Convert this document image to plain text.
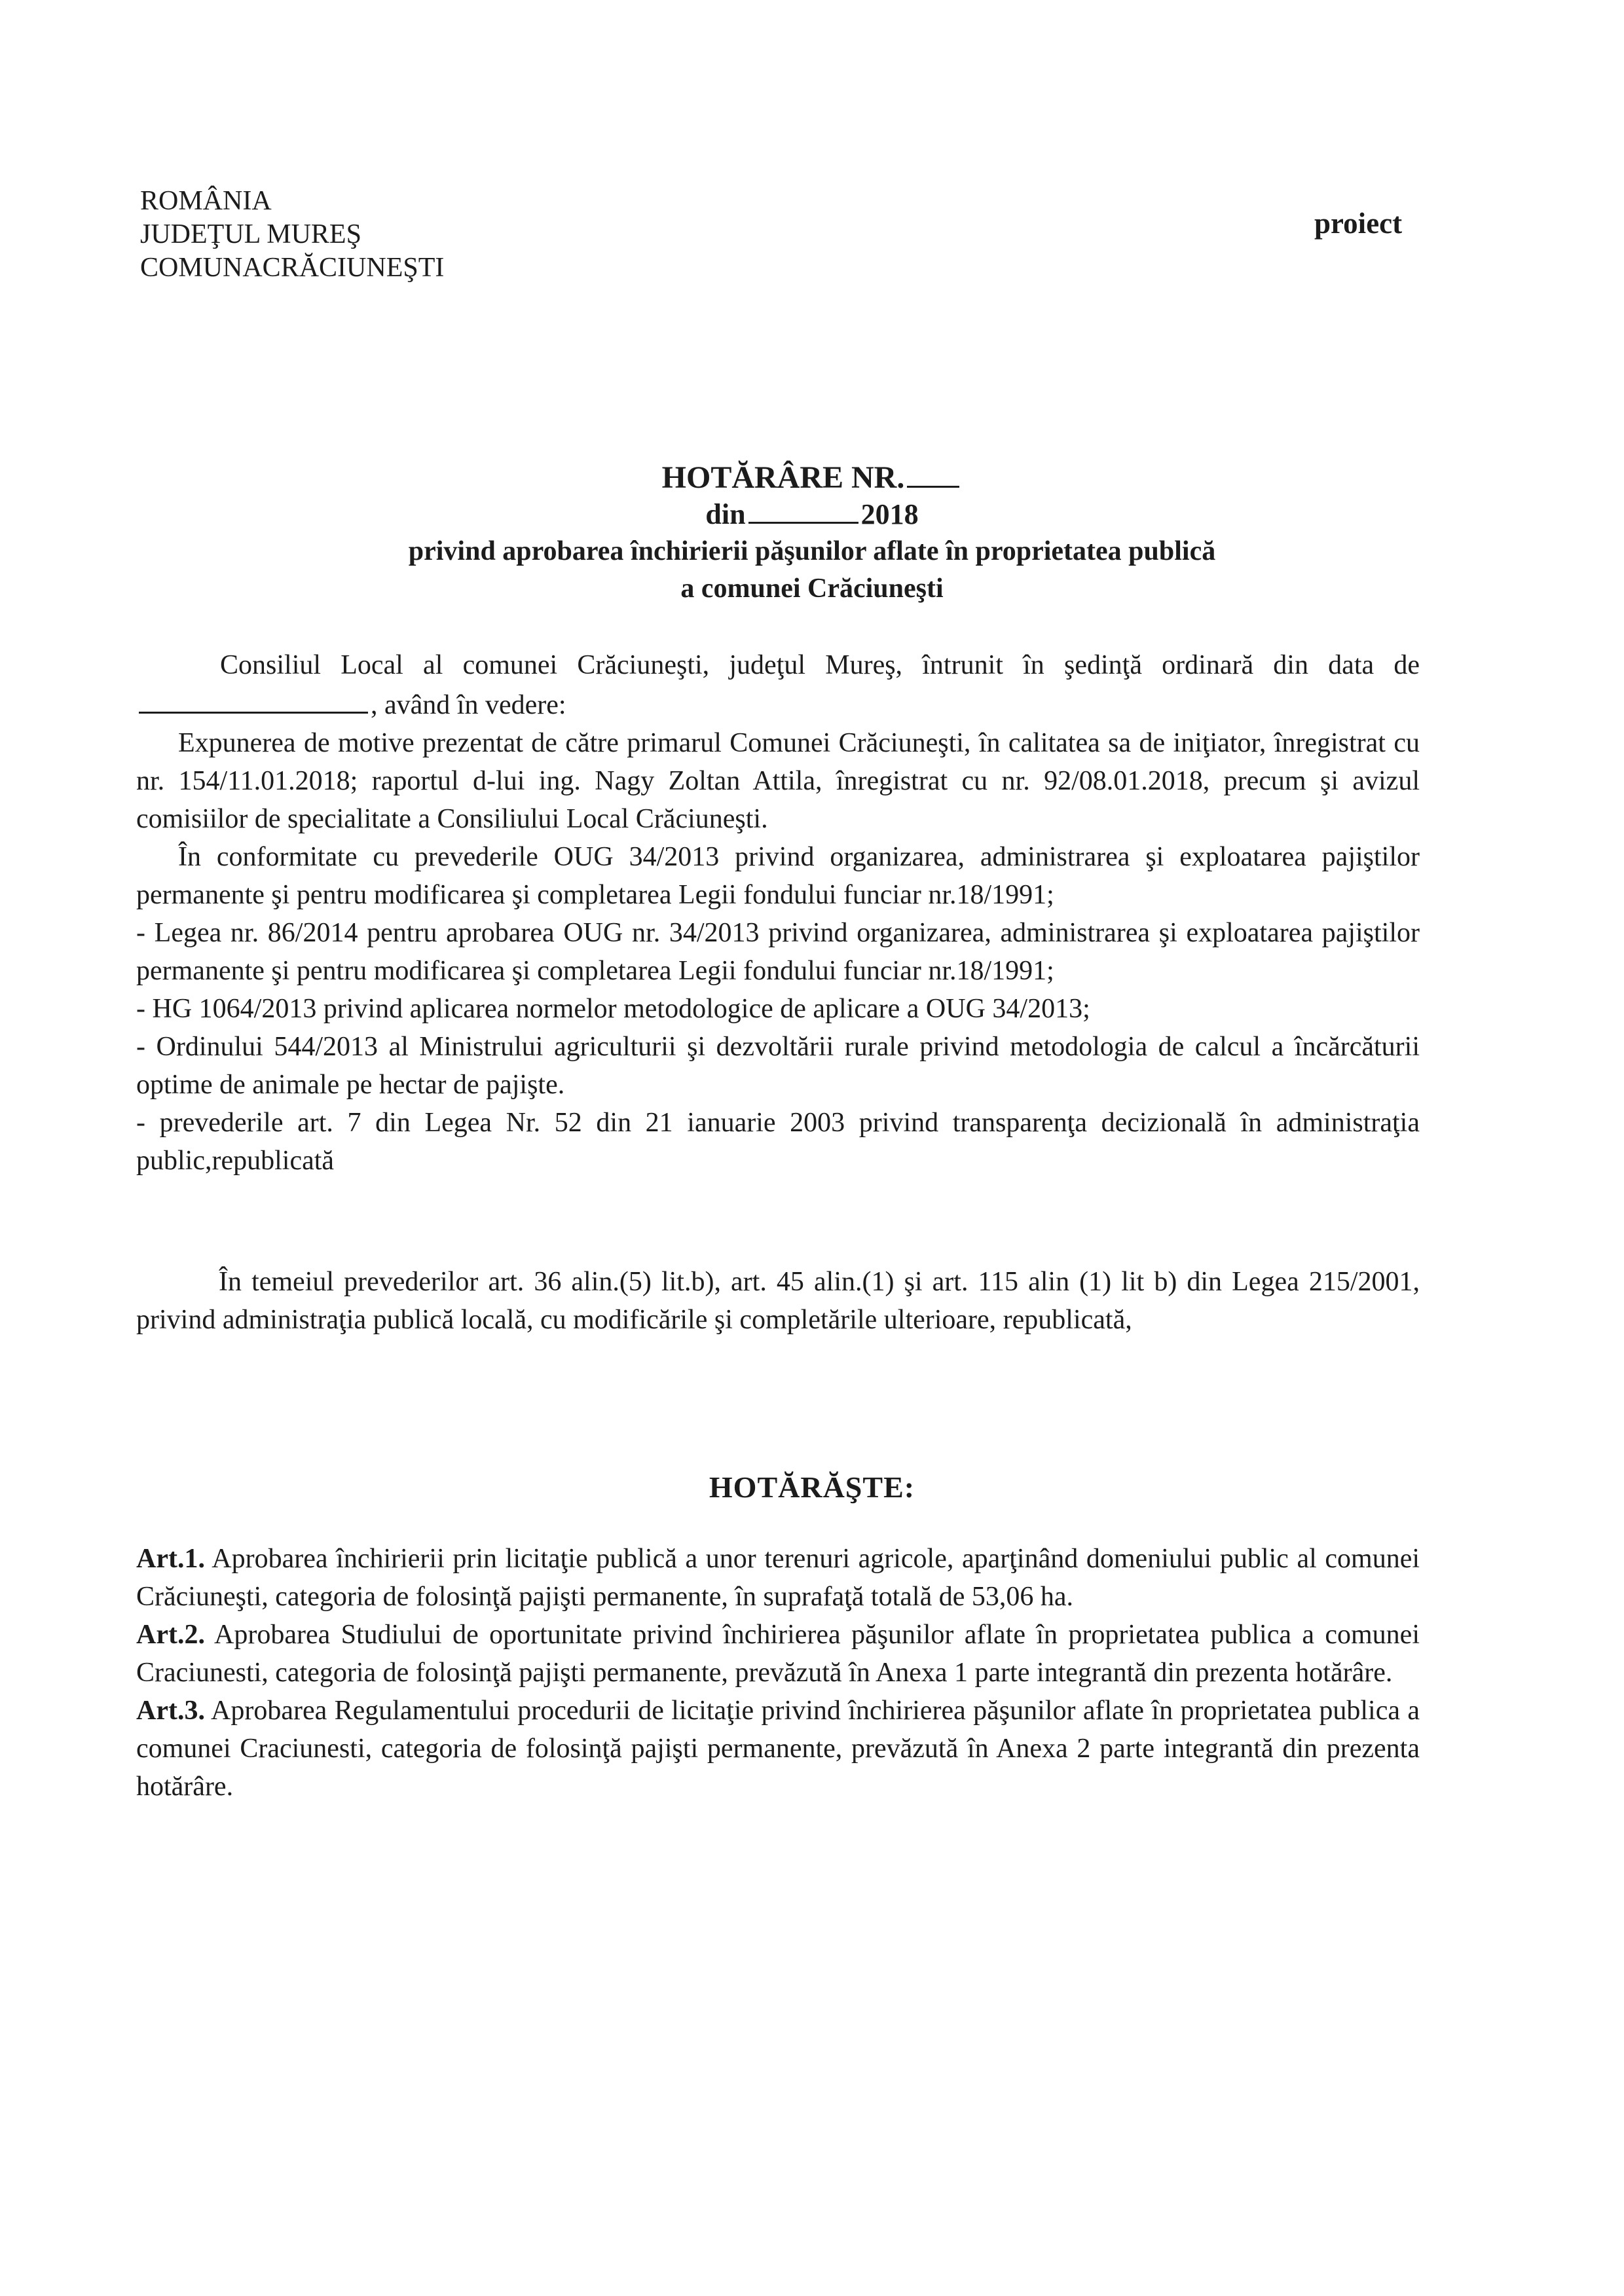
ROMÂNIA
JUDEŢUL MUREŞ
COMUNACRĂCIUNEŞTI
proiect
HOTĂRÂRE NR.
din	2018
privind aprobarea închirierii păşunilor aflate în proprietatea publică
a comunei Crăciuneşti

Consiliul Local al comunei Crăciuneşti, judeţul Mureş, întrunit în şedinţă ordinară din data de , având în vedere:

Expunerea de motive prezentat de către primarul Comunei Crăciuneşti, în calitatea sa de iniţiator, înregistrat cu nr. 154/11.01.2018; raportul d-lui ing. Nagy Zoltan Attila, înregistrat cu nr. 92/08.01.2018, precum şi avizul comisiilor de specialitate a Consiliului Local Crăciuneşti.

În conformitate cu prevederile OUG 34/2013 privind organizarea, administrarea şi exploatarea pajiştilor permanente şi pentru modificarea şi completarea Legii fondului funciar nr.18/1991;

- Legea nr. 86/2014 pentru aprobarea OUG nr. 34/2013 privind organizarea, administrarea şi exploatarea pajiştilor permanente şi pentru modificarea şi completarea Legii fondului funciar nr.18/1991;

- HG 1064/2013 privind aplicarea normelor metodologice de aplicare a OUG 34/2013;

- Ordinului 544/2013 al Ministrului agriculturii şi dezvoltării rurale privind metodologia de calcul a încărcăturii optime de animale pe hectar de pajişte.

- prevederile art. 7 din Legea Nr. 52 din 21 ianuarie 2003 privind transparenţa decizională în administraţia public,republicată

În temeiul prevederilor art. 36 alin.(5) lit.b), art. 45 alin.(1) şi art. 115 alin (1) lit b) din Legea 215/2001, privind administraţia publică locală, cu modificările şi completările ulterioare, republicată,

HOTĂRĂŞTE:

Art.1. Aprobarea închirierii prin licitaţie publică a unor terenuri agricole, aparţinând domeniului public al comunei Crăciuneşti, categoria de folosinţă pajişti permanente, în suprafaţă totală de 53,06 ha.

Art.2. Aprobarea Studiului de oportunitate privind închirierea păşunilor aflate în proprietatea publica a comunei Craciunesti, categoria de folosinţă pajişti permanente, prevăzută în Anexa 1 parte integrantă din prezenta hotărâre.

Art.3. Aprobarea Regulamentului procedurii de licitaţie privind închirierea păşunilor aflate în proprietatea publica a comunei Craciunesti, categoria de folosinţă pajişti permanente, prevăzută în Anexa 2 parte integrantă din prezenta hotărâre.
